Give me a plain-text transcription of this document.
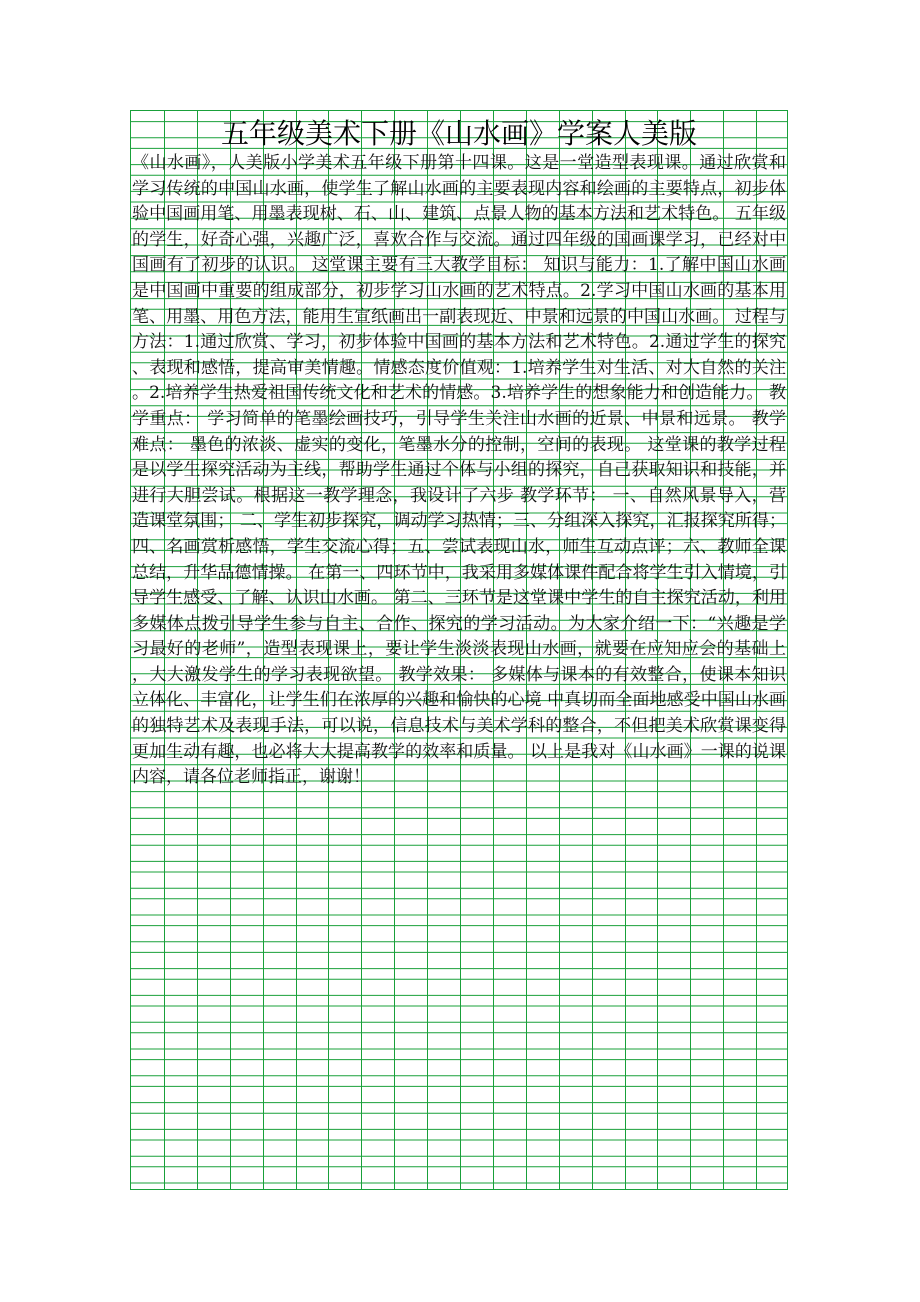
五年级美术下册《山水画》学案人美版

《山水画》，人美版小学美术五年级下册第十四课。这是一堂造型表现课。通过欣赏和学习传统的中国山水画，使学生了解山水画的主要表现内容和绘画的主要特点，初步体验中国画用笔、用墨表现树、石、山、建筑、点景人物的基本方法和艺术特色。 五年级的学生，好奇心强，兴趣广泛，喜欢合作与交流。通过四年级的国画课学习，已经对中国画有了初步的认识。 这堂课主要有三大教学目标： 知识与能力：1.了解中国山水画是中国画中重要的组成部分，初步学习山水画的艺术特点。2.学习中国山水画的基本用笔、用墨、用色方法，能用生宣纸画出一副表现近、中景和远景的中国山水画。 过程与方法：1.通过欣赏、学习，初步体验中国画的基本方法和艺术特色。2.通过学生的探究、表现和感悟，提高审美情趣。情感态度价值观：1.培养学生对生活、对大自然的关注。2.培养学生热爱祖国传统文化和艺术的情感。3.培养学生的想象能力和创造能力。 教学重点： 学习简单的笔墨绘画技巧，引导学生关注山水画的近景、中景和远景。 教学难点： 墨色的浓淡、虚实的变化，笔墨水分的控制，空间的表现。 这堂课的教学过程是以学生探究活动为主线，帮助学生通过个体与小组的探究，自己获取知识和技能，并进行大胆尝试。根据这一教学理念，我设计了六步 教学环节： 一、自然风景导入，营造课堂氛围； 二、学生初步探究，调动学习热情；三、分组深入探究，汇报探究所得；四、名画赏析感悟，学生交流心得；五、尝试表现山水，师生互动点评；六、教师全课总结，升华品德情操。 在第一、四环节中，我采用多媒体课件配合将学生引入情境，引导学生感受、了解、认识山水画。 第二、三环节是这堂课中学生的自主探究活动，利用多媒体点拨引导学生参与自主、合作、探究的学习活动。为大家介绍一下：“兴趣是学习最好的老师”，造型表现课上，要让学生淡淡表现山水画，就要在应知应会的基础上，大大激发学生的学习表现欲望。 教学效果： 多媒体与课本的有效整合，使课本知识立体化、丰富化，让学生们在浓厚的兴趣和愉快的心境 中真切而全面地感受中国山水画的独特艺术及表现手法，可以说，信息技术与美术学科的整合，不但把美术欣赏课变得更加生动有趣，也必将大大提高教学的效率和质量。 以上是我对《山水画》一课的说课内容，请各位老师指正，谢谢！
